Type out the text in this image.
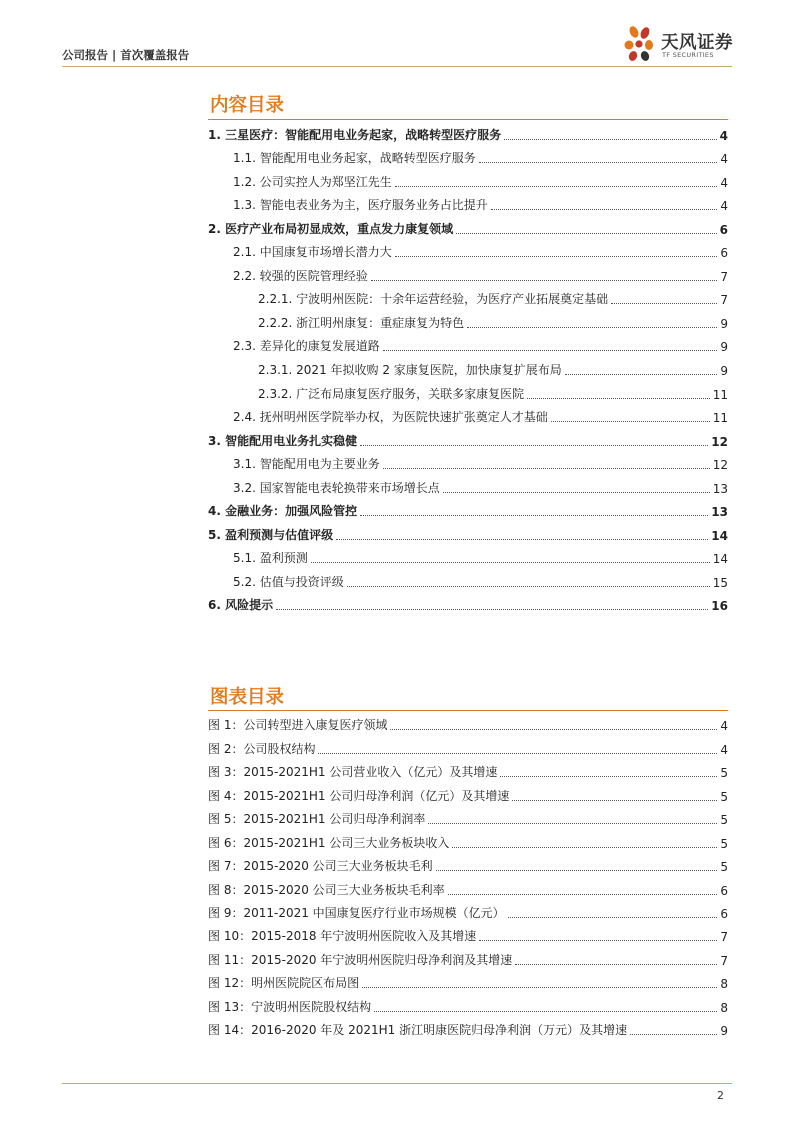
公司报告 | 首次覆盖报告
天风证券
TF SECURITIES
内容目录
1. 三星医疗：智能配用电业务起家，战略转型医疗服务	4
1.1. 智能配用电业务起家，战略转型医疗服务	4
1.2. 公司实控人为郑坚江先生	4
1.3. 智能电表业务为主，医疗服务业务占比提升	4
2. 医疗产业布局初显成效，重点发力康复领域	6
2.1. 中国康复市场增长潜力大	6
2.2. 较强的医院管理经验	7
2.2.1. 宁波明州医院：十余年运营经验，为医疗产业拓展奠定基础	7
2.2.2. 浙江明州康复：重症康复为特色	9
2.3. 差异化的康复发展道路	9
2.3.1. 2021 年拟收购 2 家康复医院，加快康复扩展布局	9
2.3.2. 广泛布局康复医疗服务，关联多家康复医院	11
2.4. 抚州明州医学院举办权，为医院快速扩张奠定人才基础	11
3. 智能配用电业务扎实稳健	12
3.1. 智能配用电为主要业务	12
3.2. 国家智能电表轮换带来市场增长点	13
4. 金融业务：加强风险管控	13
5. 盈利预测与估值评级	14
5.1. 盈利预测	14
5.2. 估值与投资评级	15
6. 风险提示	16
图表目录
图 1：公司转型进入康复医疗领域	4
图 2：公司股权结构	4
图 3：2015-2021H1 公司营业收入（亿元）及其增速	5
图 4：2015-2021H1 公司归母净利润（亿元）及其增速	5
图 5：2015-2021H1 公司归母净利润率	5
图 6：2015-2021H1 公司三大业务板块收入	5
图 7：2015-2020 公司三大业务板块毛利	5
图 8：2015-2020 公司三大业务板块毛利率	6
图 9：2011-2021 中国康复医疗行业市场规模（亿元）	6
图 10：2015-2018 年宁波明州医院收入及其增速	7
图 11：2015-2020 年宁波明州医院归母净利润及其增速	7
图 12：明州医院院区布局图	8
图 13：宁波明州医院股权结构	8
图 14：2016-2020 年及 2021H1 浙江明康医院归母净利润（万元）及其增速	9
2
